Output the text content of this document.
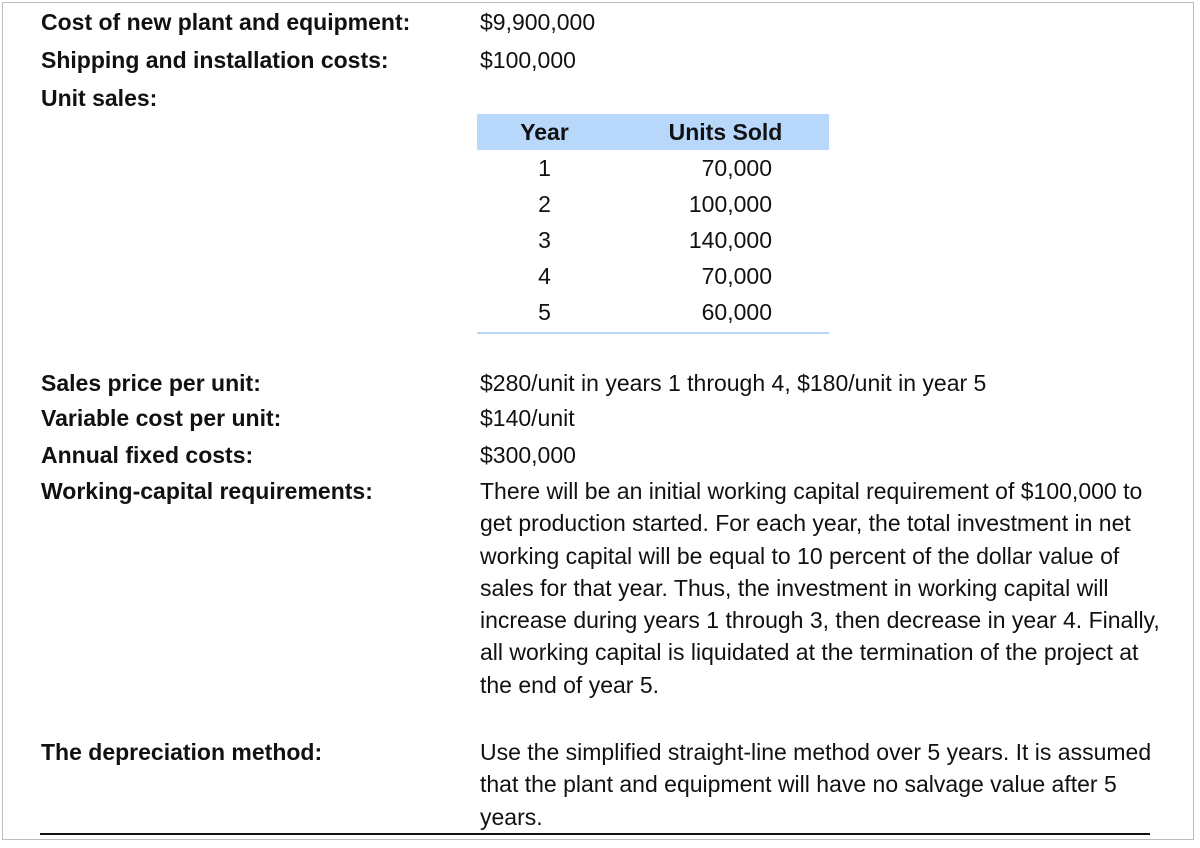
Cost of new plant and equipment:	$9,900,000
Shipping and installation costs:	$100,000
Unit sales:
Year	Units Sold
1	70,000
2	100,000
3	140,000
4	70,000
5	60,000
Sales price per unit:	$280/unit in years 1 through 4, $180/unit in year 5
Variable cost per unit:	$140/unit
Annual fixed costs:	$300,000
Working-capital requirements:	There will be an initial working capital requirement of $100,000 to get production started. For each year, the total investment in net working capital will be equal to 10 percent of the dollar value of sales for that year. Thus, the investment in working capital will increase during years 1 through 3, then decrease in year 4. Finally, all working capital is liquidated at the termination of the project at the end of year 5.
The depreciation method:	Use the simplified straight-line method over 5 years. It is assumed that the plant and equipment will have no salvage value after 5 years.
